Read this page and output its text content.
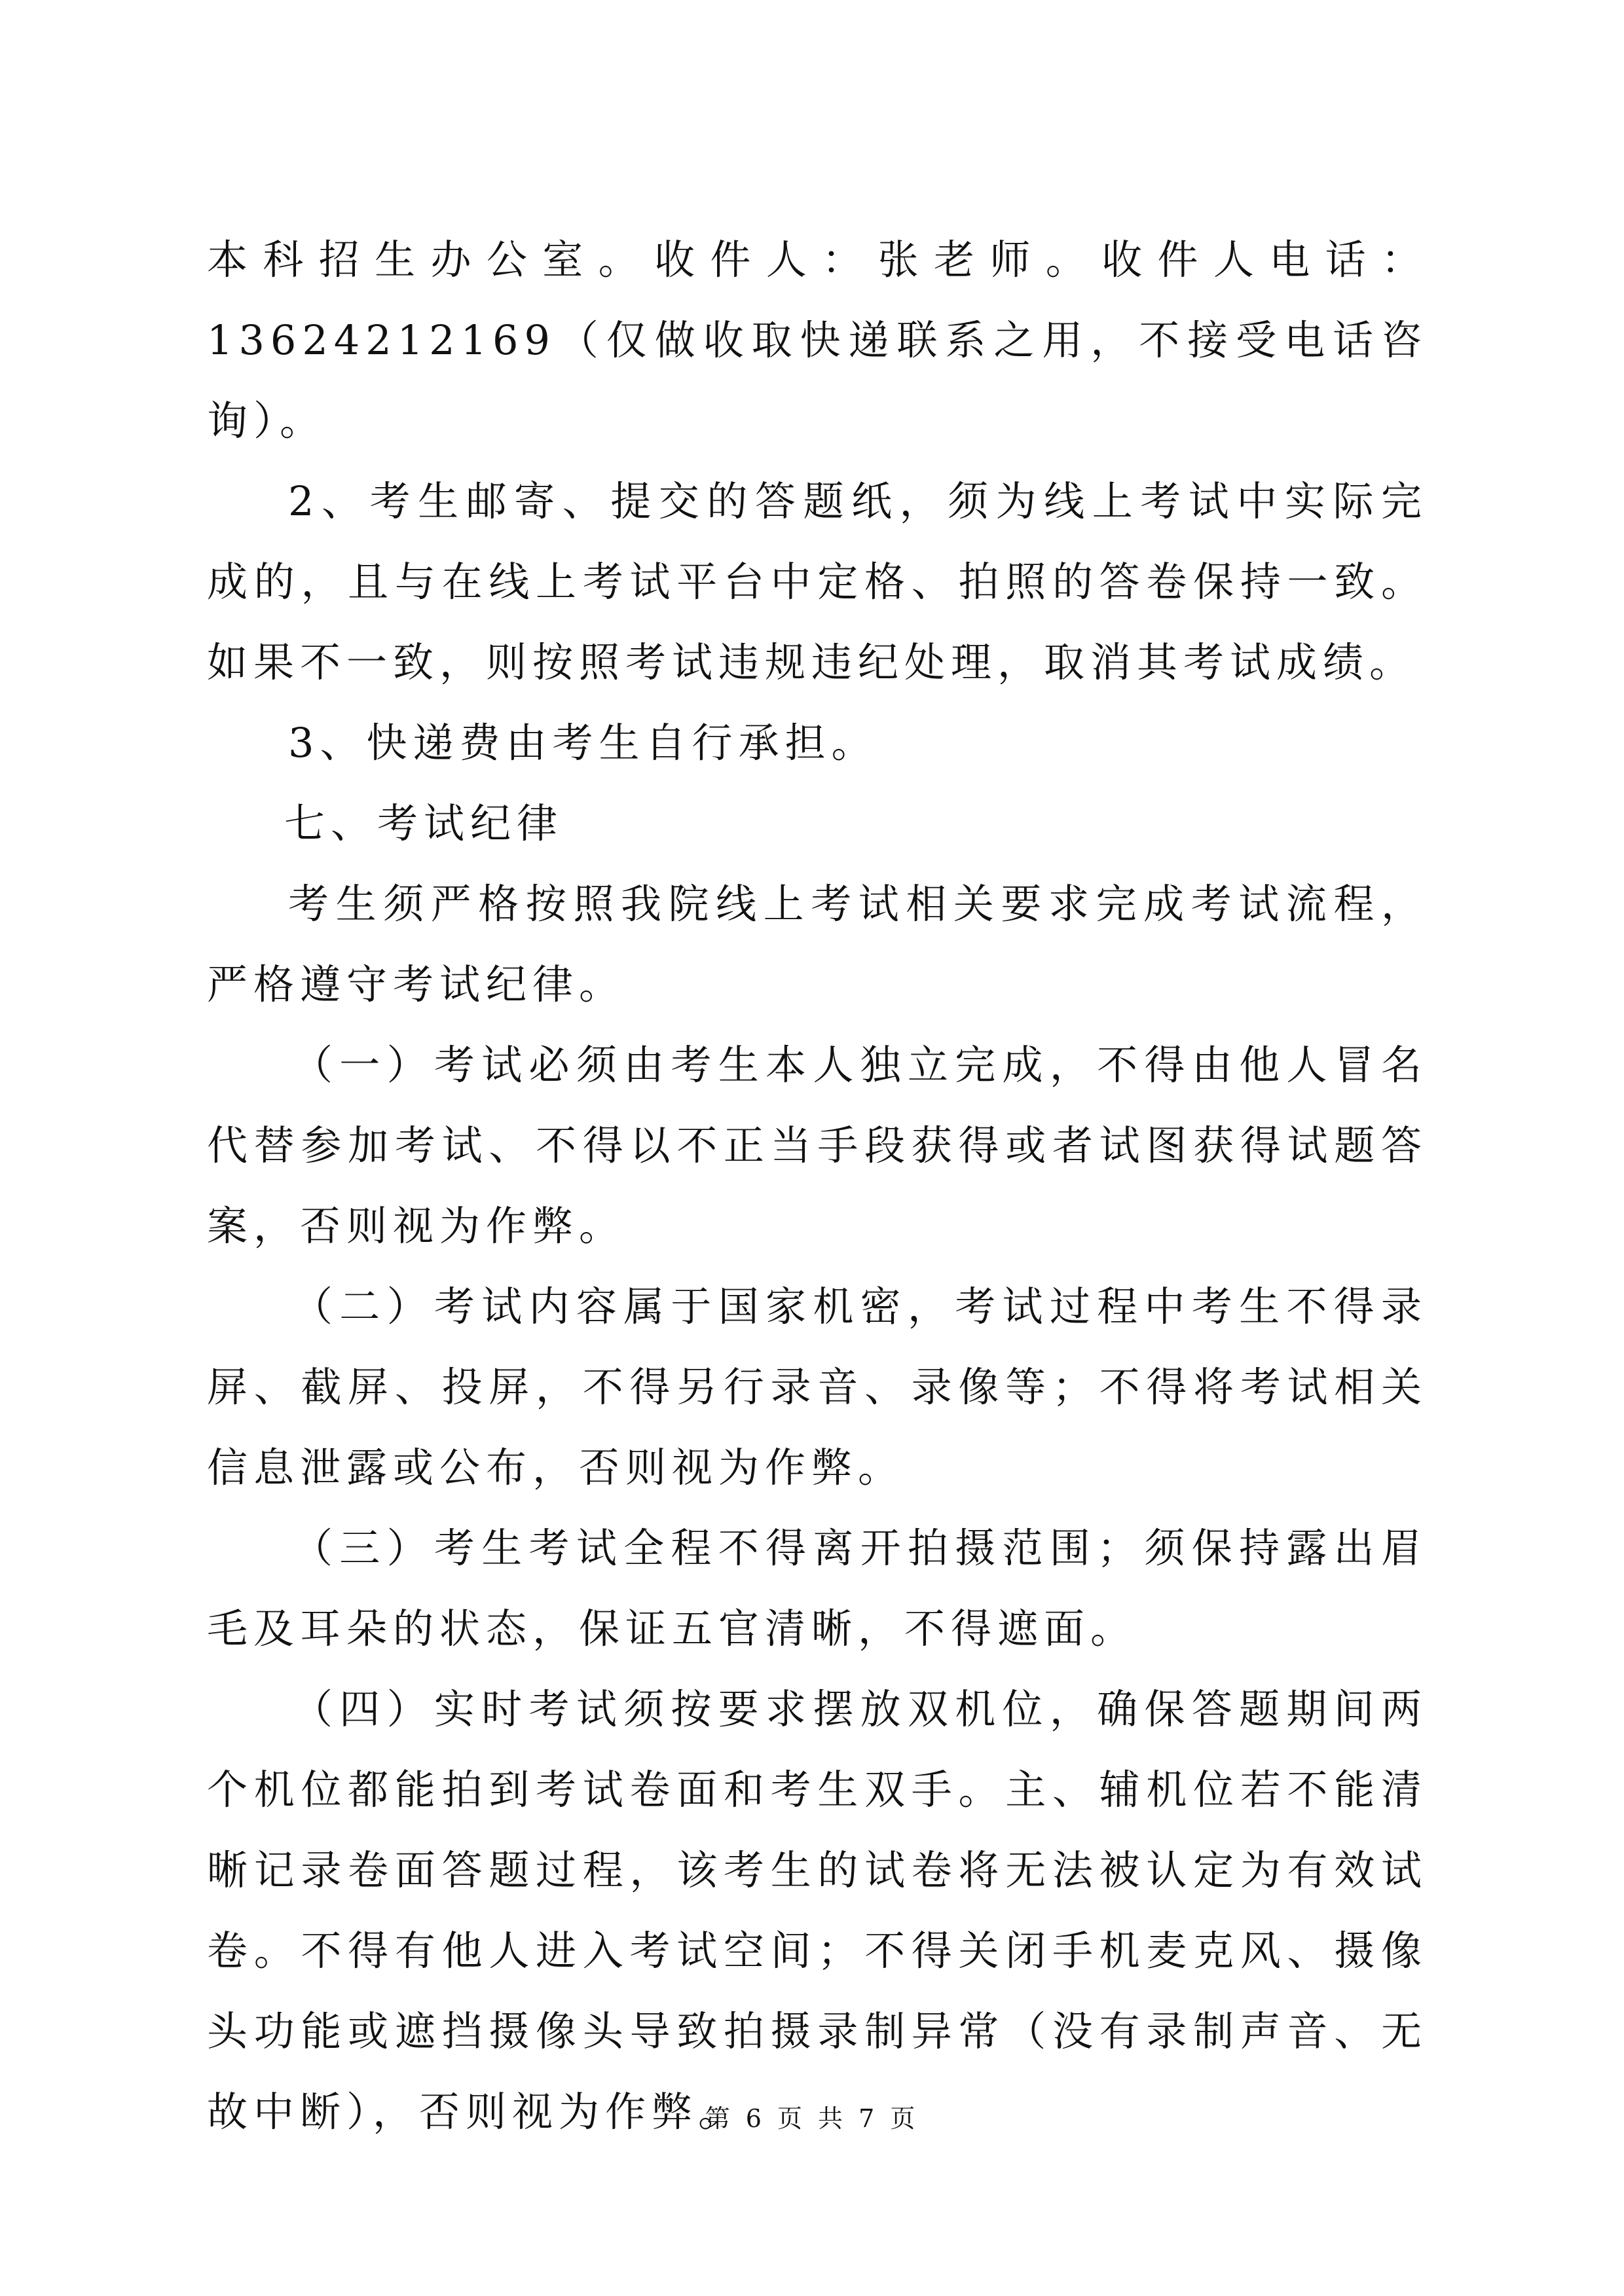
本科招生办公室。收件人：张老师。收件人电话：13624212169（仅做收取快递联系之用，不接受电话咨询）。

2、考生邮寄、提交的答题纸，须为线上考试中实际完成的，且与在线上考试平台中定格、拍照的答卷保持一致。如果不一致，则按照考试违规违纪处理，取消其考试成绩。

3、快递费由考生自行承担。

七、考试纪律

考生须严格按照我院线上考试相关要求完成考试流程，严格遵守考试纪律。

（一）考试必须由考生本人独立完成，不得由他人冒名代替参加考试、不得以不正当手段获得或者试图获得试题答案，否则视为作弊。

（二）考试内容属于国家机密，考试过程中考生不得录屏、截屏、投屏，不得另行录音、录像等；不得将考试相关信息泄露或公布，否则视为作弊。

（三）考生考试全程不得离开拍摄范围；须保持露出眉毛及耳朵的状态，保证五官清晰，不得遮面。

（四）实时考试须按要求摆放双机位，确保答题期间两个机位都能拍到考试卷面和考生双手。主、辅机位若不能清晰记录卷面答题过程，该考生的试卷将无法被认定为有效试卷。不得有他人进入考试空间；不得关闭手机麦克风、摄像头功能或遮挡摄像头导致拍摄录制异常（没有录制声音、无故中断），否则视为作弊。

第 6 页 共 7 页
